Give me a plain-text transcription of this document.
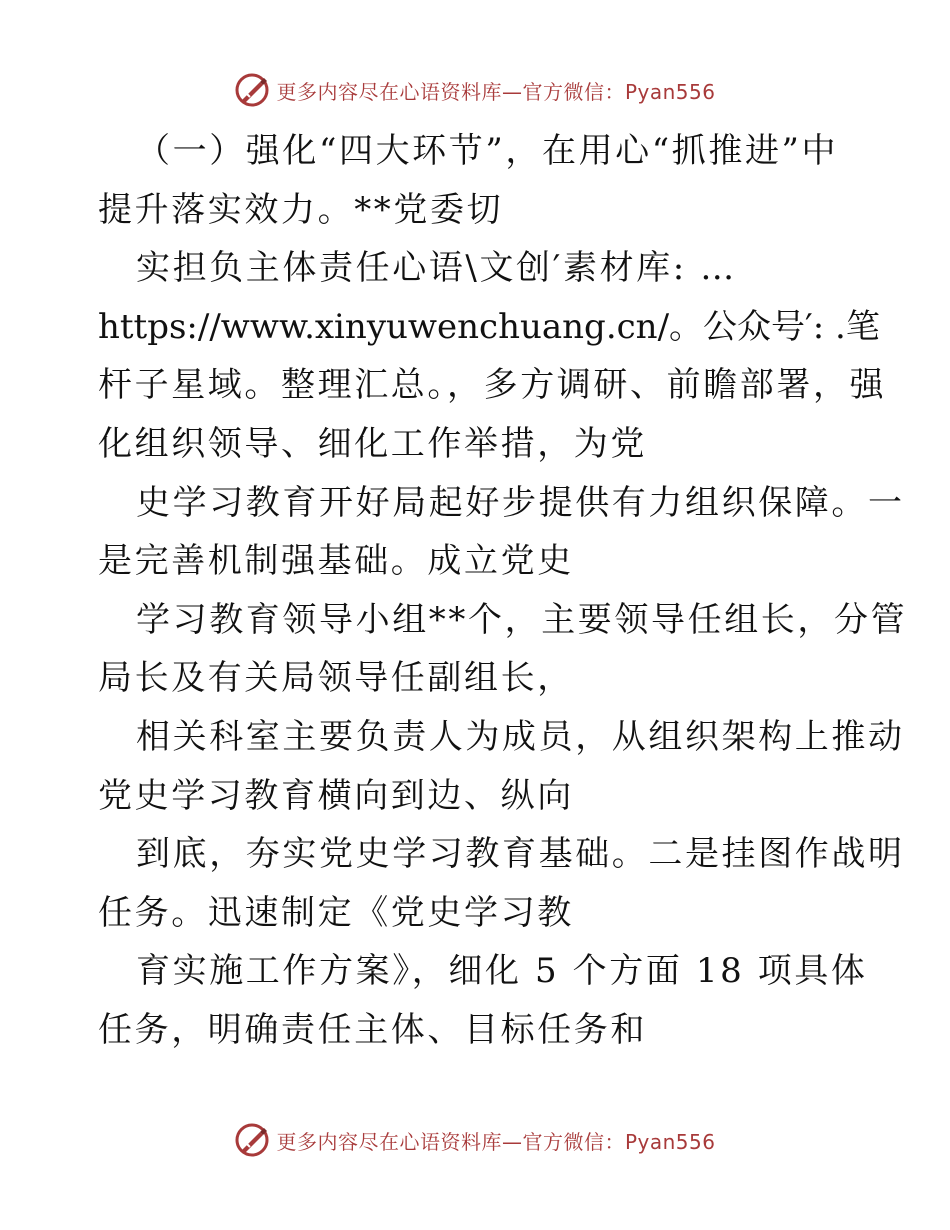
更多内容尽在心语资料库—官方微信：Pyan556
（一）强化“四大环节”，在用心“抓推进”中
提升落实效力。**党委切
实担负主体责任心语\文创′素材库: …
https://www.xinyuwenchuang.cn/。公众号′: .笔
杆子星域。整理汇总。，多方调研、前瞻部署，强
化组织领导、细化工作举措，为党
史学习教育开好局起好步提供有力组织保障。一
是完善机制强基础。成立党史
学习教育领导小组**个，主要领导任组长，分管
局长及有关局领导任副组长，
相关科室主要负责人为成员，从组织架构上推动
党史学习教育横向到边、纵向
到底，夯实党史学习教育基础。二是挂图作战明
任务。迅速制定《党史学习教
育实施工作方案》，细化 5 个方面 18 项具体
任务，明确责任主体、目标任务和
更多内容尽在心语资料库—官方微信：Pyan556
